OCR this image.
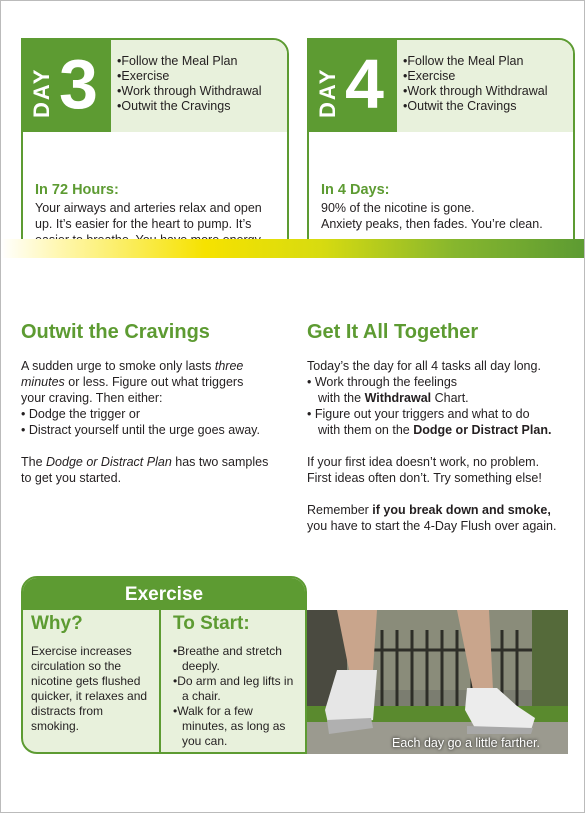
DAY 3	• Follow the Meal Plan
• Exercise
• Work through Withdrawal
• Outwit the Cravings
In 72 Hours:
Your airways and arteries relax and open up. It’s easier for the heart to pump. It’s
DAY 4	• Follow the Meal Plan
• Exercise
• Work through Withdrawal
• Outwit the Cravings
In 4 Days:
90% of the nicotine is gone.
Anxiety peaks, then fades. You’re clean.
Outwit the Cravings

A sudden urge to smoke only lasts three minutes or less. Figure out what triggers your craving. Then either:
• Dodge the trigger or
• Distract yourself until the urge goes away.

The Dodge or Distract Plan has two samples to get you started.

Get It All Together

Today’s the day for all 4 tasks all day long.
• Work through the feelings
with the Withdrawal Chart.
• Figure out your triggers and what to do
with them on the Dodge or Distract Plan.

If your first idea doesn’t work, no problem.
First ideas often don’t. Try something else!

Remember if you break down and smoke,
you have to start the 4-Day Flush over again.

Exercise
Why?
Exercise increases circulation so the nicotine gets flushed quicker, it relaxes and distracts from smoking.
To Start:
• Breathe and stretch deeply.
• Do arm and leg lifts in a chair.
• Walk for a few minutes, as long as you can.	Each day go a little farther.
